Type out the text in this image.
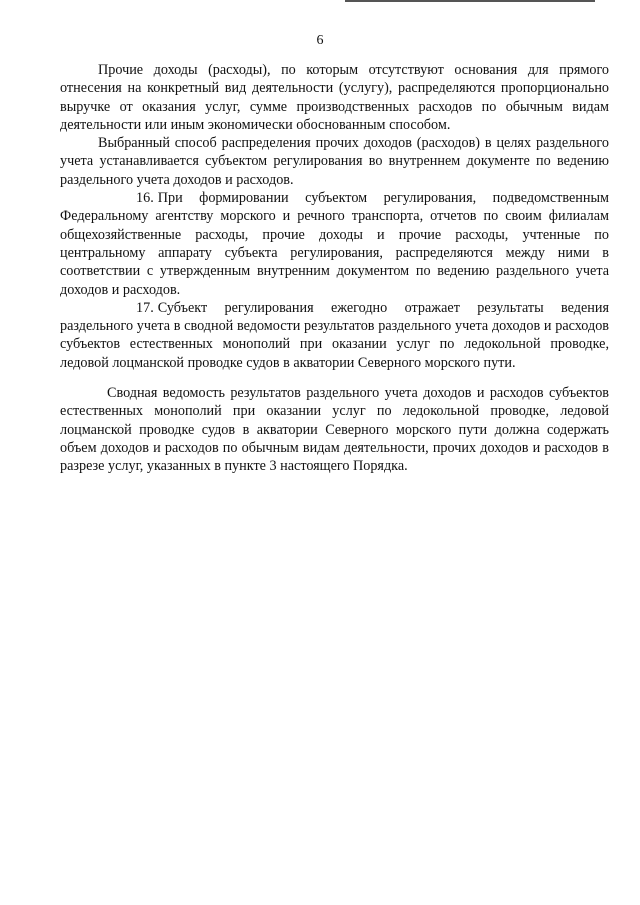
6

Прочие доходы (расходы), по которым отсутствуют основания для прямого отнесения на конкретный вид деятельности (услугу), распределяются пропорционально выручке от оказания услуг, сумме производственных расходов по обычным видам деятельности или иным экономически обоснованным способом.

Выбранный способ распределения прочих доходов (расходов) в целях раздельного учета устанавливается субъектом регулирования во внутреннем документе по ведению раздельного учета доходов и расходов.

16. При формировании субъектом регулирования, подведомственным Федеральному агентству морского и речного транспорта, отчетов по своим филиалам общехозяйственные расходы, прочие доходы и прочие расходы, учтенные по центральному аппарату субъекта регулирования, распределяются между ними в соответствии с утвержденным внутренним документом по ведению раздельного учета доходов и расходов.

17. Субъект регулирования ежегодно отражает результаты ведения раздельного учета в сводной ведомости результатов раздельного учета доходов и расходов субъектов естественных монополий при оказании услуг по ледокольной проводке, ледовой лоцманской проводке судов в акватории Северного морского пути.

Сводная ведомость результатов раздельного учета доходов и расходов субъектов естественных монополий при оказании услуг по ледокольной проводке, ледовой лоцманской проводке судов в акватории Северного морского пути должна содержать объем доходов и расходов по обычным видам деятельности, прочих доходов и расходов в разрезе услуг, указанных в пункте 3 настоящего Порядка.
